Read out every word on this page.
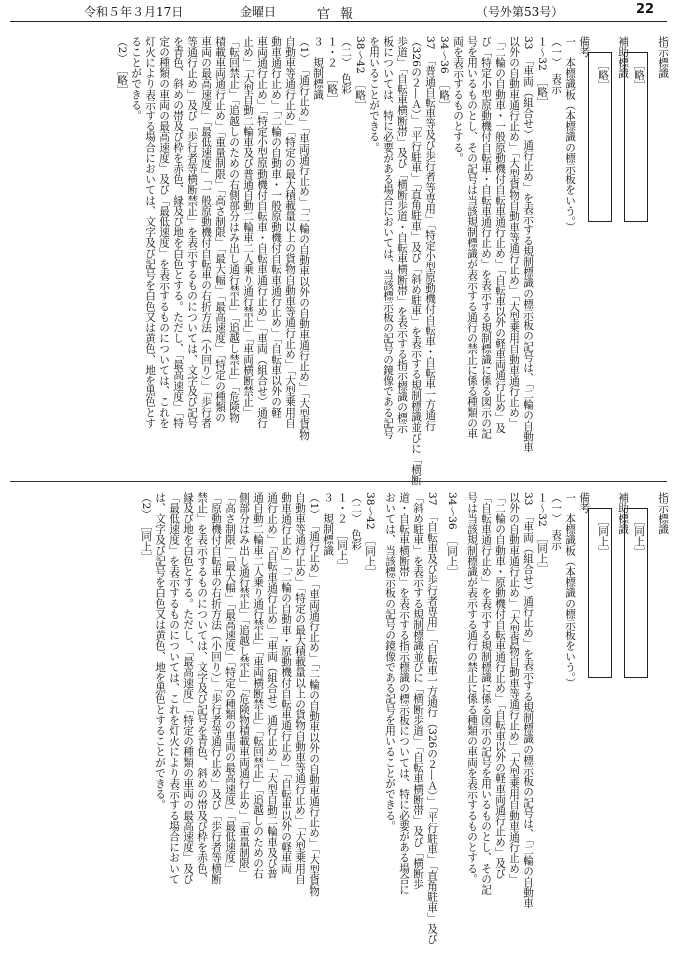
令和５年３月17日	金曜日	官報	（号外第53号）	22
［略］
［略］	指示標識
補助標識
備考
一　本標識板（本標識の標示板をいう。）
（一）　表示
１～32　［略］
33　「車両（組合せ）通行止め」を表示する規制標識の標示板の記号は、「二輪の自動車
以外の自動車通行止め」「大型貨物自動車等通行止め」「大型乗用自動車通行止め」
「二輪の自動車・一般原動機付自転車通行止め」「自転車以外の軽車両通行止め」及
び「特定小型原動機付自転車・自転車通行止め」を表示する規制標識に係る図示の記
号を用いるものとし、その記号は当該規制標識が表示する通行の禁止に係る種類の車
両を表示するものとする。
34～36　［略］
37　「普通自転車等及び歩行者等専用」「特定小型原動機付自転車・自転車一方通行
（326の２―Ａ）」「平行駐車」「直角駐車」及び「斜め駐車」を表示する規制標識並びに「横断
歩道」「自転車横断帯」及び「横断歩道・自転車横断帯」を表示する指示標識の標示
板については、特に必要がある場合においては、当該標示板の記号の鏡像である記号
を用いることができる。
38～42　［略］
（二）　色彩
１・２　［略］
３　規制標識
（1）　「通行止め」「車両通行止め」「二輪の自動車以外の自動車通行止め」「大型貨物
自動車等通行止め」「特定の最大積載量以上の貨物自動車等通行止め」「大型乗用自
動車通行止め」「二輪の自動車・一般原動機付自転車通行止め」「自転車以外の軽
車両通行止め」「特定小型原動機付自転車・自転車通行止め」「車両（組合せ）通行
止め」「大型自動二輪車及び普通自動二輪車二人乗り通行禁止」「車両横断禁止」
「転回禁止」「追越しのための右側部分はみ出し通行禁止」「追越し禁止」「危険物
積載車両通行止め」「重量制限」「高さ制限」「最大幅」「最高速度」「特定の種類の
車両の最高速度」「最低速度」「一般原動機付自転車の右折方法（小回り）」「歩行者
等通行止め」及び「歩行者等横断禁止」を表示するものについては、文字及び記号
を青色、斜めの帯及び枠を赤色、縁及び地を白色とする。ただし、「最高速度」「特
定の種類の車両の最高速度」及び「最低速度」を表示するものについては、これを
灯火により表示する場合においては、文字及び記号を白色又は黄色、地を黒色とす
ることができる。
（2）　［略］
［同上］
［同上］
指示標識
補助標識
備考
一　本標識板（本標識の標示板をいう。）
（一）　表示
１～32　［同上］
33　「車両（組合せ）通行止め」を表示する規制標識の標示板の記号は、「二輪の自動車
以外の自動車通行止め」「大型貨物自動車等通行止め」「大型乗用自動車通行止め」
「二輪の自動車・原動機付自転車通行止め」「自転車以外の軽車両通行止め」及び
「自転車通行止め」を表示する規制標識に係る図示の記号を用いるものとし、その記
号は当該規制標識が表示する通行の禁止に係る種類の車両を表示するものとする。
34～36　［同上］
37　「自転車及び歩行者専用」「自転車一方通行（326の２―Ａ）」「平行駐車」「直角駐車」及び
「斜め駐車」を表示する規制標識並びに「横断歩道」「自転車横断帯」及び「横断歩
道・自転車横断帯」を表示する指示標識の標示板については、特に必要がある場合に
おいては、当該標示板の記号の鏡像である記号を用いることができる。
38～42　［同上］
（二）　色彩
１・２　［同上］
３　規制標識
（1）　「通行止め」「車両通行止め」「二輪の自動車以外の自動車通行止め」「大型貨物
自動車等通行止め」「特定の最大積載量以上の貨物自動車等通行止め」「大型乗用自
動車通行止め」「二輪の自動車・原動機付自転車通行止め」「自転車以外の軽車両
通行止め」「自転車通行止め」「車両（組合せ）通行止め」「大型自動二輪車及び普
通自動二輪車二人乗り通行禁止」「車両横断禁止」「転回禁止」「追越しのための右
側部分はみ出し通行禁止」「追越し禁止」「危険物積載車両通行止め」「重量制限」
「高さ制限」「最大幅」「最高速度」「特定の種類の車両の最高速度」「最低速度」
「原動機付自転車の右折方法（小回り）」「歩行者等通行止め」及び「歩行者等横断
禁止」を表示するものについては、文字及び記号を青色、斜めの帯及び枠を赤色、
縁及び地を白色とする。ただし、「最高速度」「特定の種類の車両の最高速度」及び
「最低速度」を表示するものについては、これを灯火により表示する場合において
は、文字及び記号を白色又は黄色、地を黒色とすることができる。
（2）　［同上］
